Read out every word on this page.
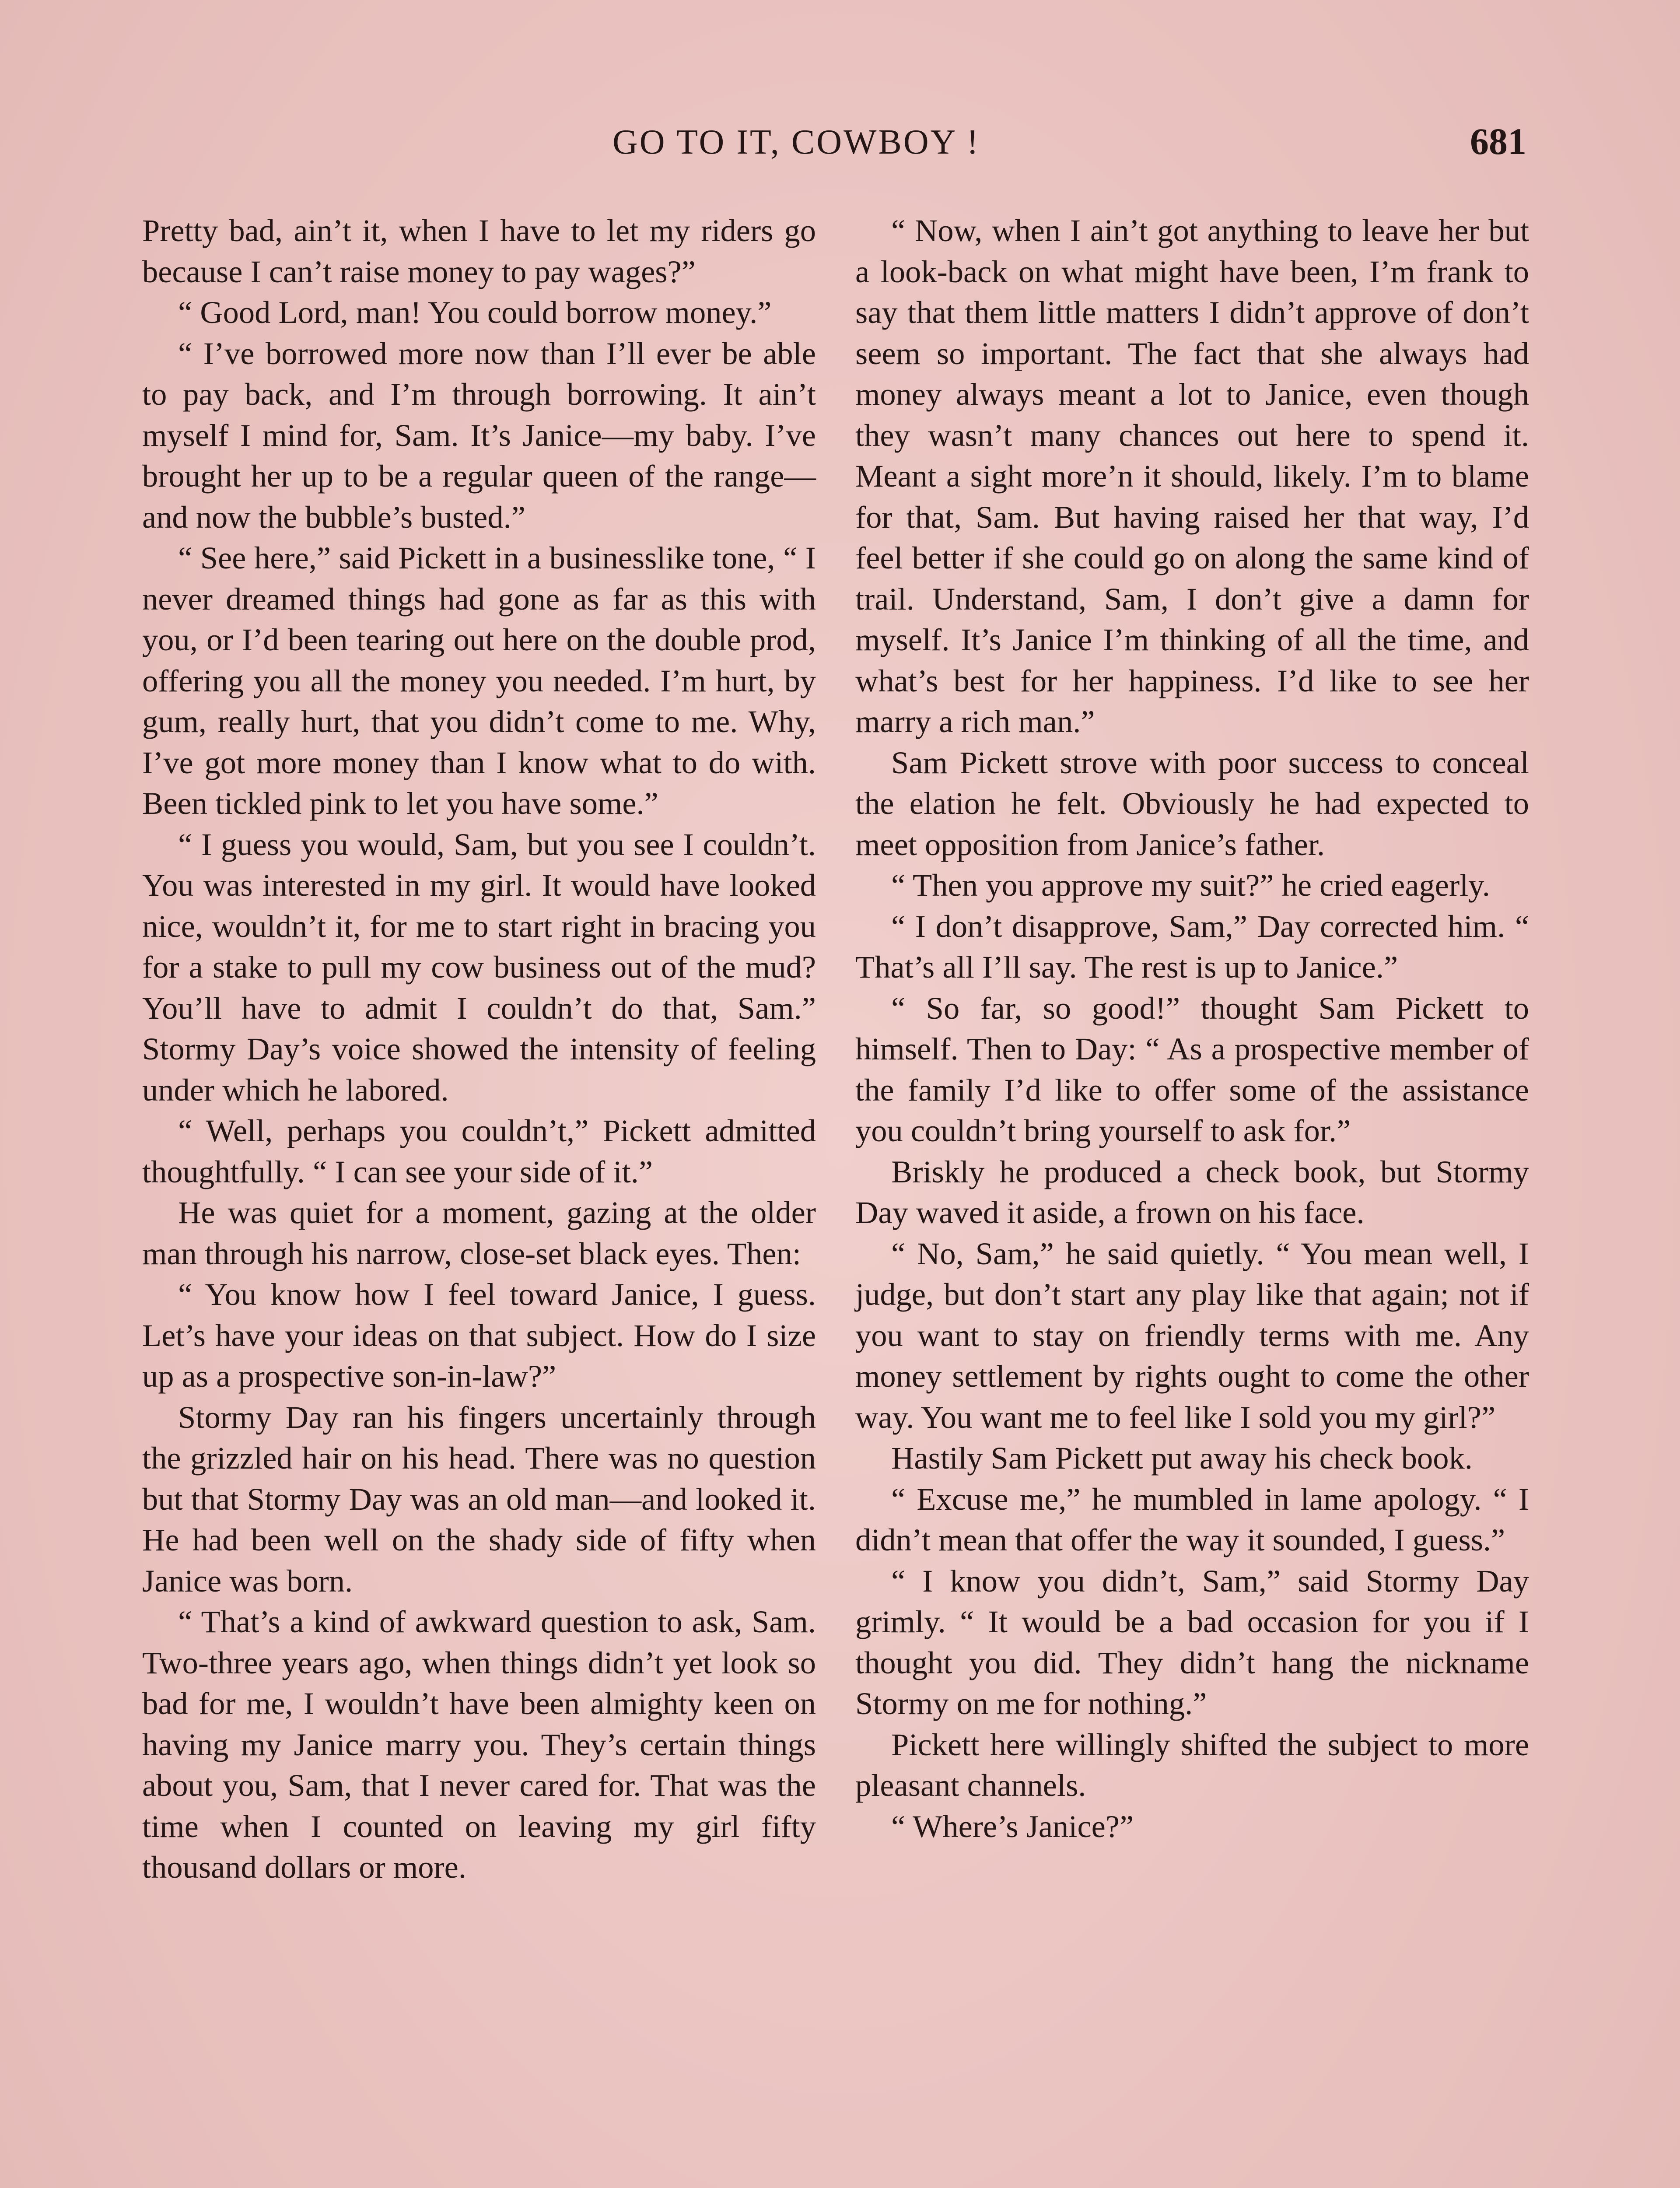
GO TO IT, COWBOY !	681

Pretty bad, ain’t it, when I have to let my riders go because I can’t raise money to pay wages?”

“ Good Lord, man! You could borrow money.”

“ I’ve borrowed more now than I’ll ever be able to pay back, and I’m through borrowing. It ain’t myself I mind for, Sam. It’s Janice—my baby. I’ve brought her up to be a regular queen of the range—and now the bubble’s busted.”

“ See here,” said Pickett in a businesslike tone, “ I never dreamed things had gone as far as this with you, or I’d been tearing out here on the double prod, offering you all the money you needed. I’m hurt, by gum, really hurt, that you didn’t come to me. Why, I’ve got more money than I know what to do with. Been tickled pink to let you have some.”

“ I guess you would, Sam, but you see I couldn’t. You was interested in my girl. It would have looked nice, wouldn’t it, for me to start right in bracing you for a stake to pull my cow business out of the mud? You’ll have to admit I couldn’t do that, Sam.” Stormy Day’s voice showed the intensity of feeling under which he labored.

“ Well, perhaps you couldn’t,” Pickett admitted thoughtfully. “ I can see your side of it.”

He was quiet for a moment, gazing at the older man through his narrow, close-set black eyes. Then:

“ You know how I feel toward Janice, I guess. Let’s have your ideas on that subject. How do I size up as a prospective son-in-law?”

Stormy Day ran his fingers uncertainly through the grizzled hair on his head. There was no question but that Stormy Day was an old man—and looked it. He had been well on the shady side of fifty when Janice was born.

“ That’s a kind of awkward question to ask, Sam. Two-three years ago, when things didn’t yet look so bad for me, I wouldn’t have been almighty keen on having my Janice marry you. They’s certain things about you, Sam, that I never cared for. That was the time when I counted on leaving my girl fifty thousand dollars or more.

“ Now, when I ain’t got anything to leave her but a look-back on what might have been, I’m frank to say that them little matters I didn’t approve of don’t seem so important. The fact that she always had money always meant a lot to Janice, even though they wasn’t many chances out here to spend it. Meant a sight more’n it should, likely. I’m to blame for that, Sam. But having raised her that way, I’d feel better if she could go on along the same kind of trail. Understand, Sam, I don’t give a damn for myself. It’s Janice I’m thinking of all the time, and what’s best for her happiness. I’d like to see her marry a rich man.”

Sam Pickett strove with poor success to conceal the elation he felt. Obviously he had expected to meet opposition from Janice’s father.

“ Then you approve my suit?” he cried eagerly.

“ I don’t disapprove, Sam,” Day corrected him. “ That’s all I’ll say. The rest is up to Janice.”

“ So far, so good!” thought Sam Pickett to himself. Then to Day: “ As a prospective member of the family I’d like to offer some of the assistance you couldn’t bring yourself to ask for.”

Briskly he produced a check book, but Stormy Day waved it aside, a frown on his face.

“ No, Sam,” he said quietly. “ You mean well, I judge, but don’t start any play like that again; not if you want to stay on friendly terms with me. Any money settlement by rights ought to come the other way. You want me to feel like I sold you my girl?”

Hastily Sam Pickett put away his check book.

“ Excuse me,” he mumbled in lame apology. “ I didn’t mean that offer the way it sounded, I guess.”

“ I know you didn’t, Sam,” said Stormy Day grimly. “ It would be a bad occasion for you if I thought you did. They didn’t hang the nickname Stormy on me for nothing.”

Pickett here willingly shifted the subject to more pleasant channels.

“ Where’s Janice?”
